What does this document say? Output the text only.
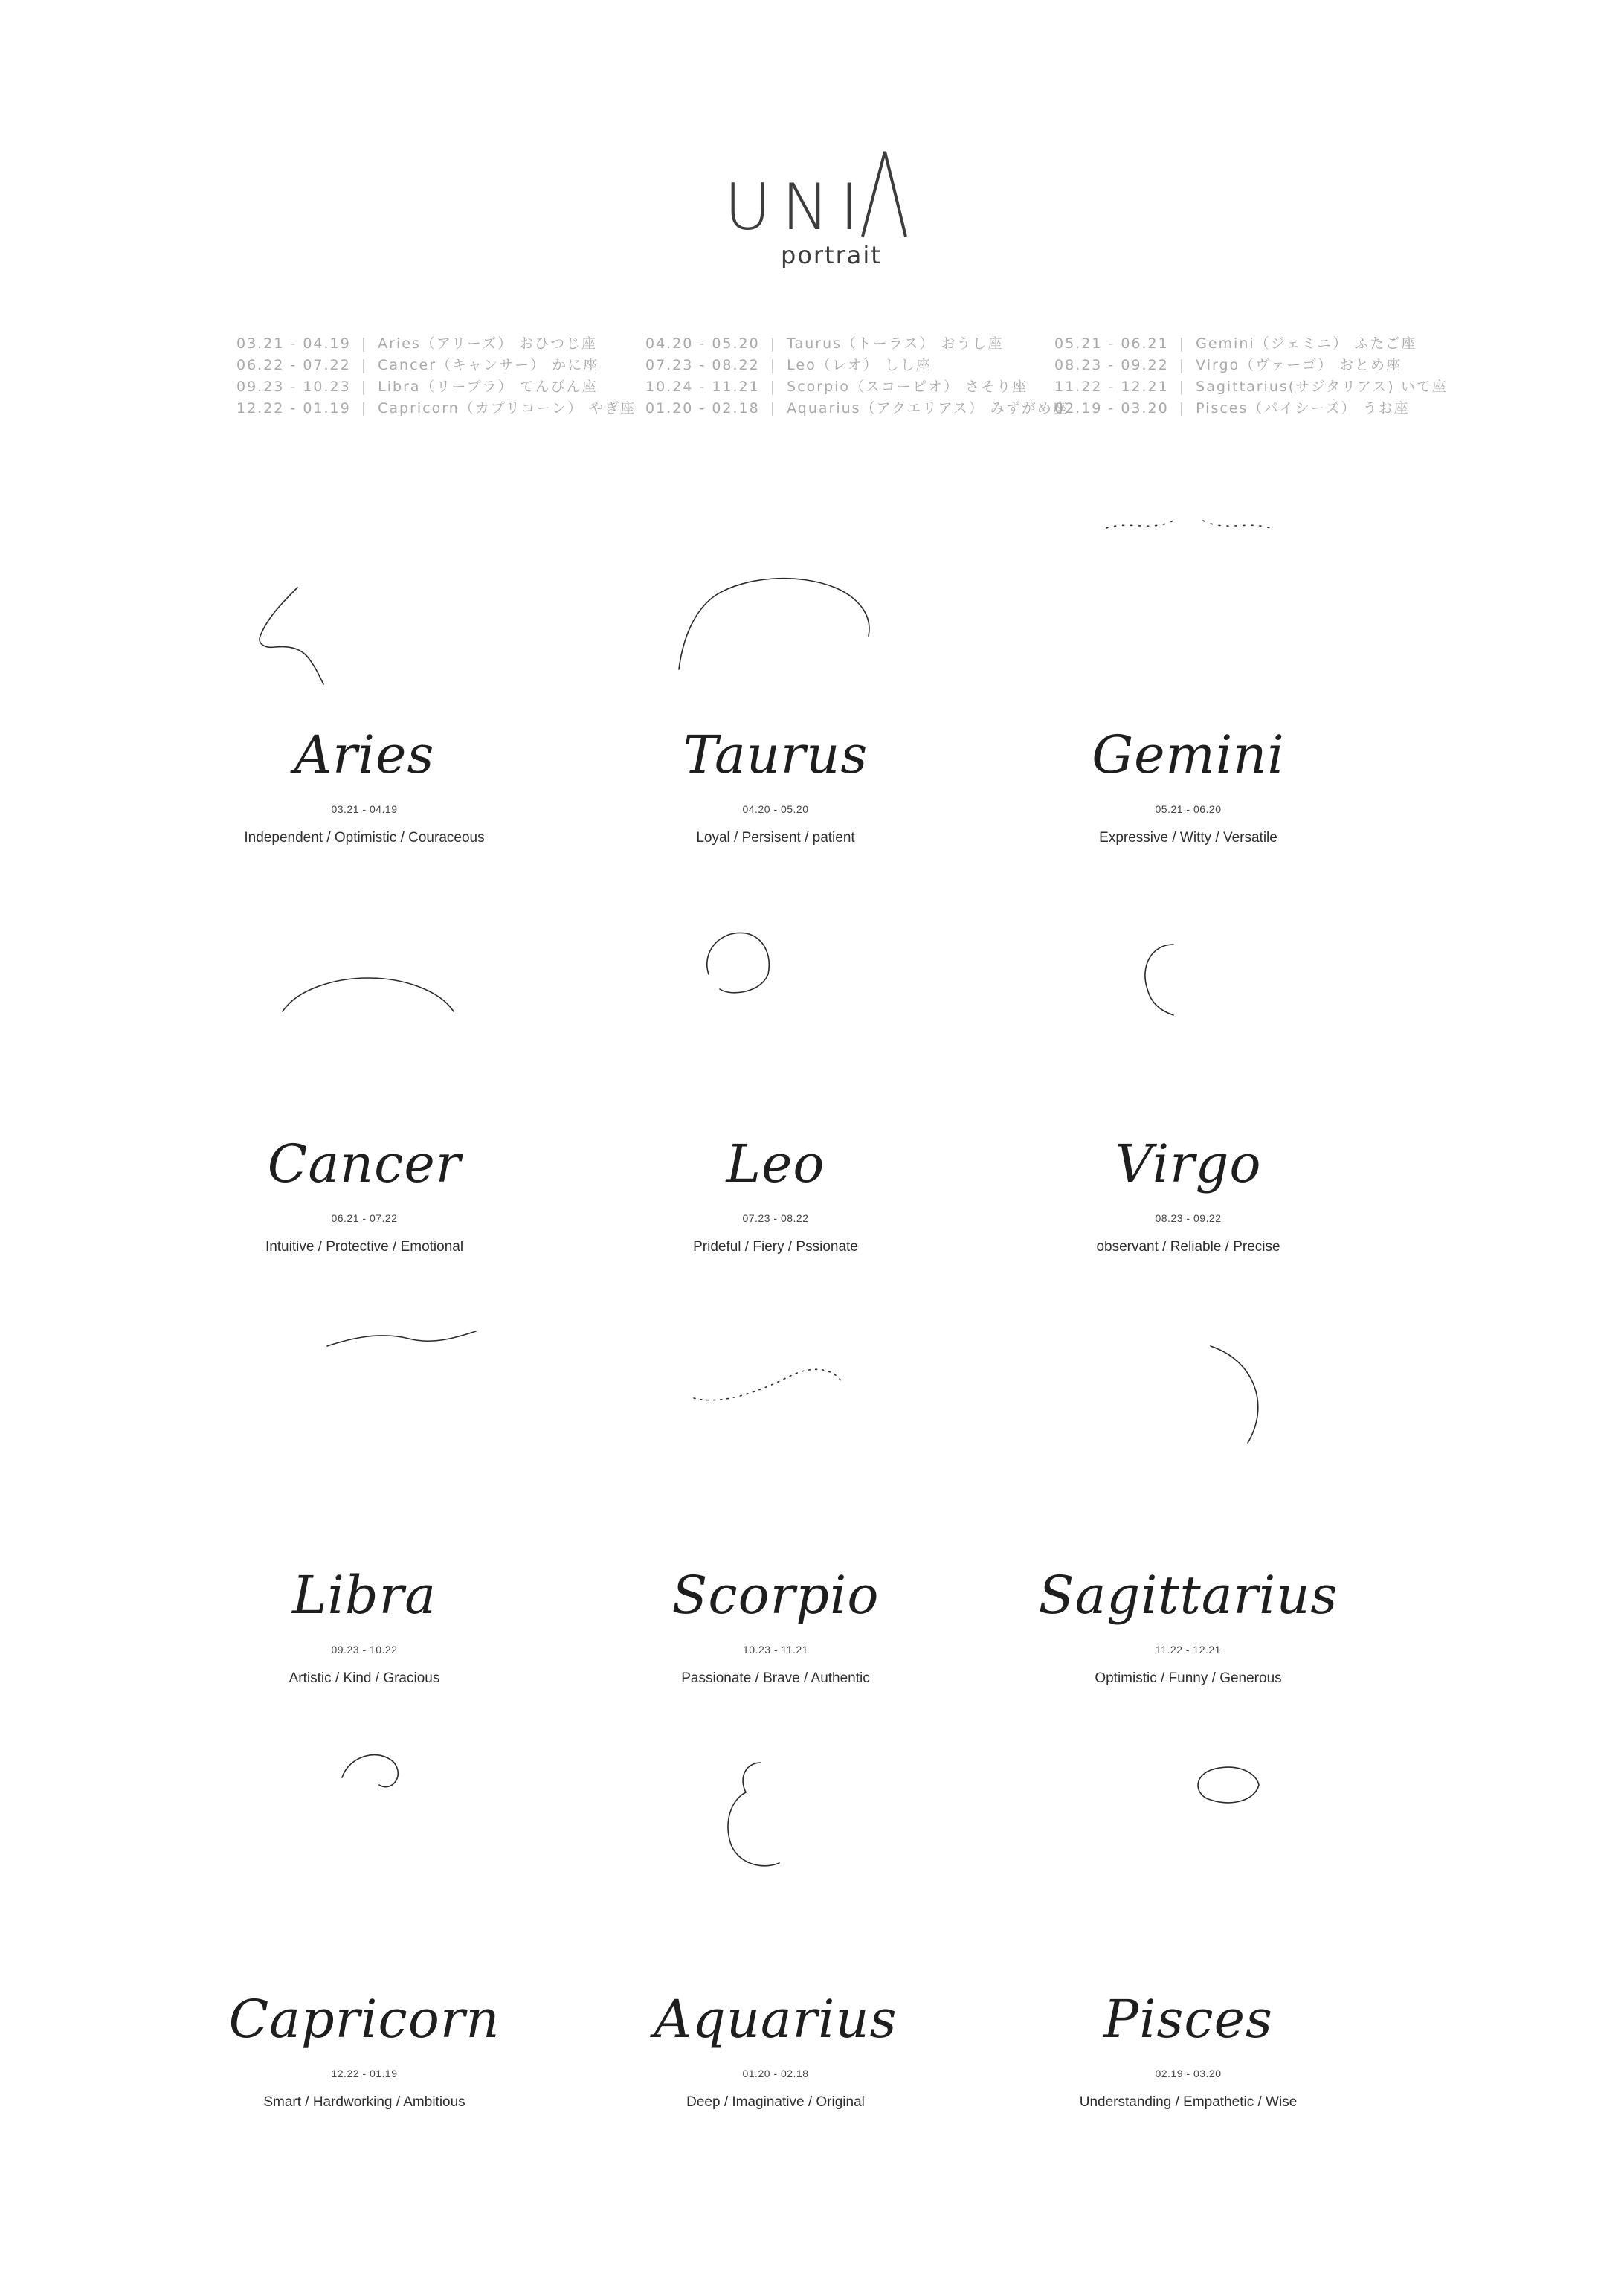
UNI
portrait
03.21 - 04.19 | Aries（アリーズ） おひつじ座
06.22 - 07.22 | Cancer（キャンサー） かに座
09.23 - 10.23 | Libra（リーブラ） てんびん座
12.22 - 01.19 | Capricorn（カプリコーン） やぎ座
04.20 - 05.20 | Taurus（トーラス） おうし座
07.23 - 08.22 | Leo（レオ） しし座
10.24 - 11.21 | Scorpio（スコーピオ） さそり座
01.20 - 02.18 | Aquarius（アクエリアス） みずがめ座
05.21 - 06.21 | Gemini（ジェミニ） ふたご座
08.23 - 09.22 | Virgo（ヴァーゴ） おとめ座
11.22 - 12.21 | Sagittarius(サジタリアス) いて座
02.19 - 03.20 | Pisces（パイシーズ） うお座
Aries
03.21 - 04.19
Independent / Optimistic / Couraceous
Taurus
04.20 - 05.20
Loyal / Persisent / patient
Gemini
05.21 - 06.20
Expressive / Witty / Versatile
Cancer
06.21 - 07.22
Intuitive / Protective / Emotional
Leo
07.23 - 08.22
Prideful / Fiery / Pssionate
Virgo
08.23 - 09.22
observant / Reliable / Precise
Libra
09.23 - 10.22
Artistic / Kind / Gracious
Scorpio
10.23 - 11.21
Passionate / Brave / Authentic
Sagittarius
11.22 - 12.21
Optimistic / Funny / Generous
Capricorn
12.22 - 01.19
Smart / Hardworking / Ambitious
Aquarius
01.20 - 02.18
Deep / Imaginative / Original
Pisces
02.19 - 03.20
Understanding / Empathetic / Wise
